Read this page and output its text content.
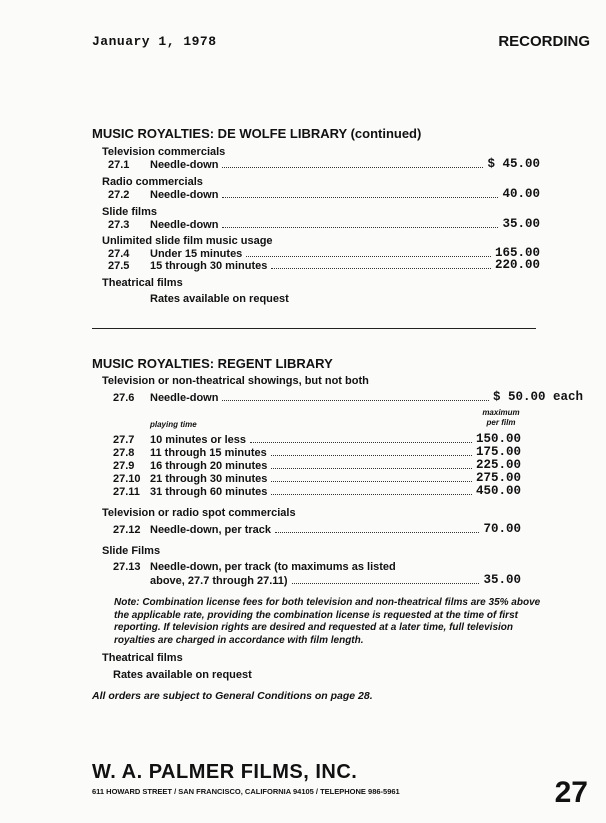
January 1, 1978	RECORDING
MUSIC ROYALTIES: DE WOLFE LIBRARY (continued)
Television commercials
27.1	Needle-down	$ 45.00
Radio commercials
27.2	Needle-down	40.00
Slide films
27.3	Needle-down	35.00
Unlimited slide film music usage
27.4	Under 15 minutes	165.00
27.5	15 through 30 minutes	220.00
Theatrical films
Rates available on request
MUSIC ROYALTIES: REGENT LIBRARY
Television or non-theatrical showings, but not both
27.6	Needle-down	$ 50.00 each
playing time
maximum
per film
27.7	10 minutes or less	150.00
27.8	11 through 15 minutes	175.00
27.9	16 through 20 minutes	225.00
27.10 21 through 30 minutes	275.00
27.11 31 through 60 minutes	450.00
Television or radio spot commercials
27.12 Needle-down, per track	70.00
Slide Films
27.13 Needle-down, per track (to maximums as listed
above, 27.7 through 27.11)	35.00
Note: Combination license fees for both television and non-theatrical films are 35% above the applicable rate, providing the combination license is requested at the time of first reporting. If television rights are desired and requested at a later time, full television royalties are charged in accordance with film length.
Theatrical films
Rates available on request
All orders are subject to General Conditions on page 28.
W. A. PALMER FILMS, INC.
611 HOWARD STREET / SAN FRANCISCO, CALIFORNIA 94105 / TELEPHONE 986-5961	27
